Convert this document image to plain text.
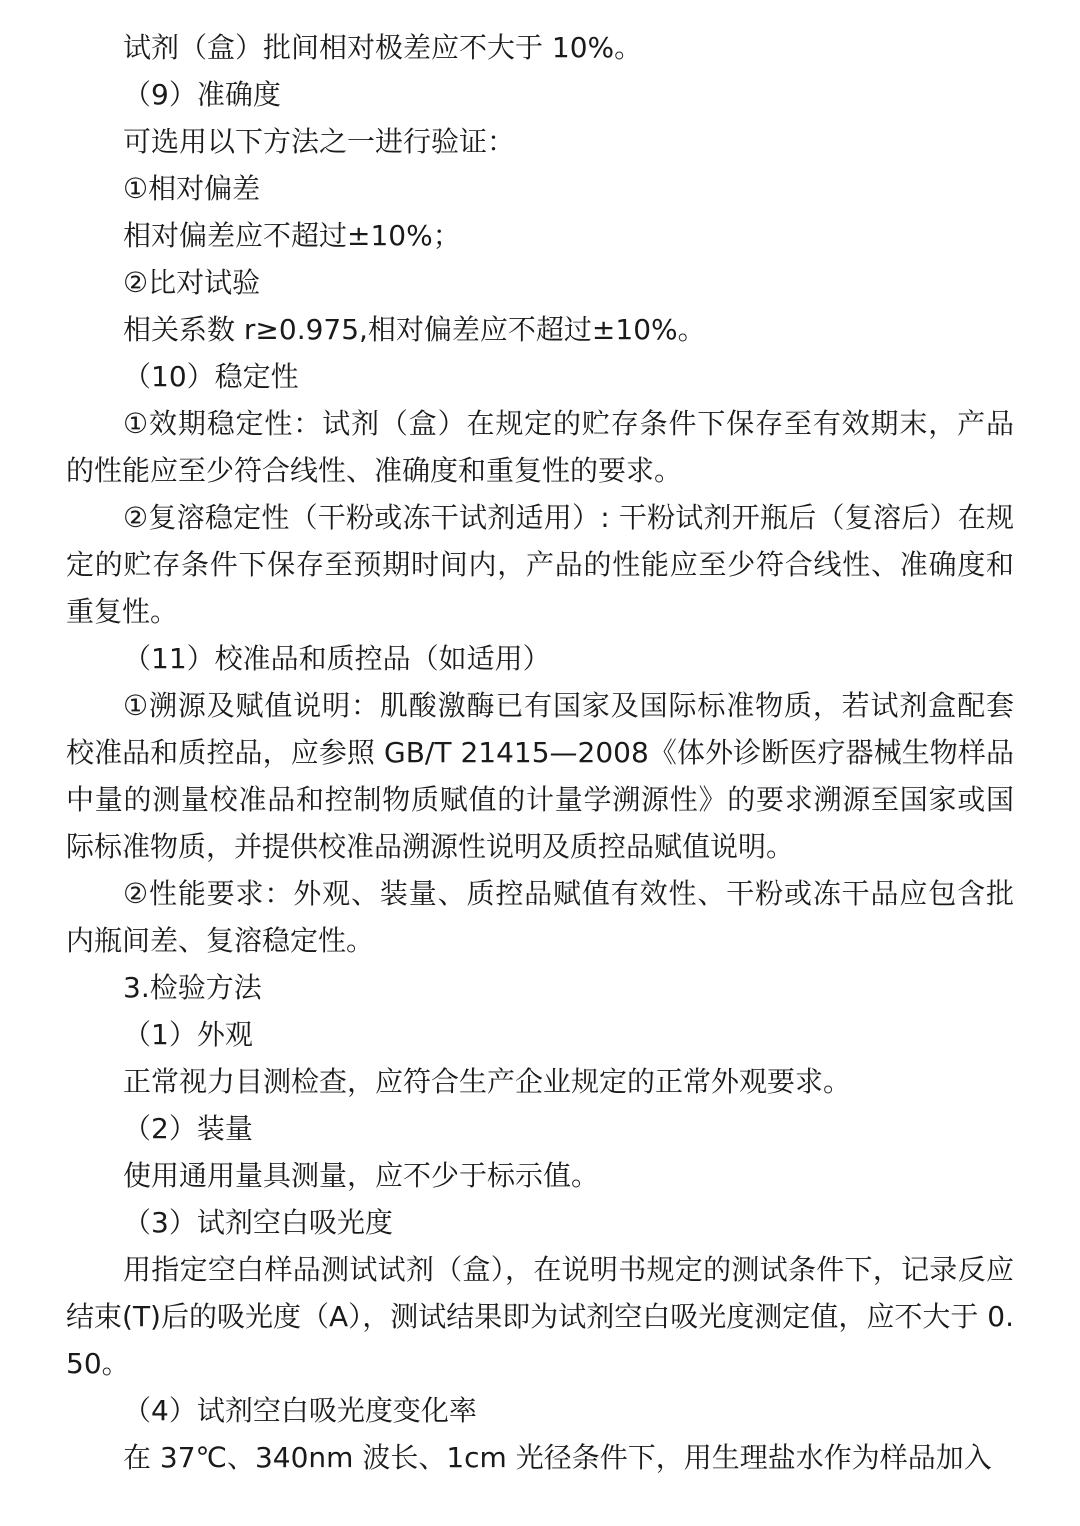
试剂（盒）批间相对极差应不大于 10%。

（9）准确度

可选用以下方法之一进行验证：

①相对偏差

相对偏差应不超过±10%；

②比对试验

相关系数 r≥0.975,相对偏差应不超过±10%。

（10）稳定性

①效期稳定性：试剂（盒）在规定的贮存条件下保存至有效期末，产品的性能应至少符合线性、准确度和重复性的要求。

②复溶稳定性（干粉或冻干试剂适用）: 干粉试剂开瓶后（复溶后）在规定的贮存条件下保存至预期时间内，产品的性能应至少符合线性、准确度和重复性。

（11）校准品和质控品（如适用）

①溯源及赋值说明：肌酸激酶已有国家及国际标准物质，若试剂盒配套校准品和质控品，应参照 GB/T 21415—2008《体外诊断医疗器械生物样品中量的测量校准品和控制物质赋值的计量学溯源性》的要求溯源至国家或国际标准物质，并提供校准品溯源性说明及质控品赋值说明。

②性能要求：外观、装量、质控品赋值有效性、干粉或冻干品应包含批内瓶间差、复溶稳定性。

3.检验方法

（1）外观

正常视力目测检查，应符合生产企业规定的正常外观要求。

（2）装量

使用通用量具测量，应不少于标示值。

（3）试剂空白吸光度

用指定空白样品测试试剂（盒），在说明书规定的测试条件下，记录反应结束(T)后的吸光度（A），测试结果即为试剂空白吸光度测定值，应不大于 0.50。

（4）试剂空白吸光度变化率

在 37℃、340nm 波长、1cm 光径条件下，用生理盐水作为样品加入
